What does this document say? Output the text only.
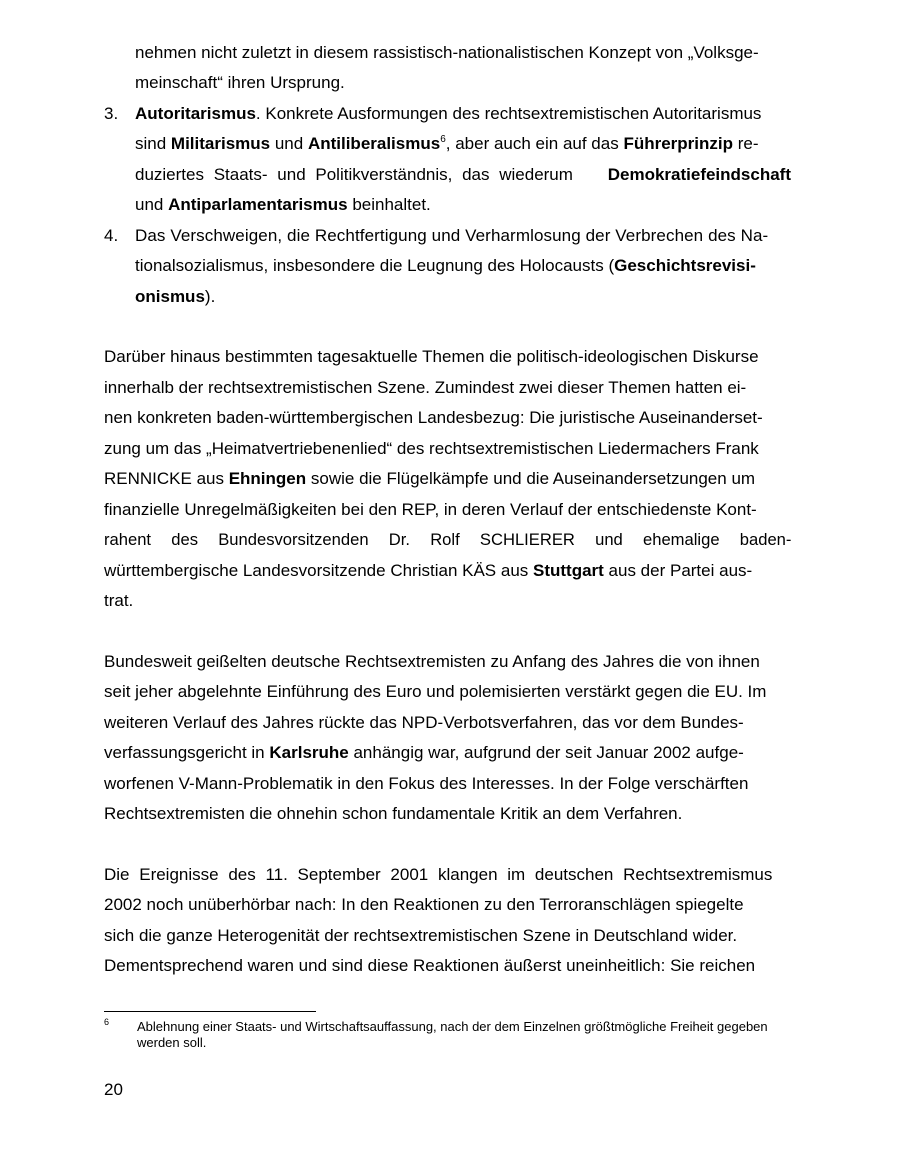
nehmen nicht zuletzt in diesem rassistisch-nationalistischen Konzept von „Volksge-
meinschaft“ ihren Ursprung.
3. Autoritarismus. Konkrete Ausformungen des rechtsextremistischen Autoritarismus
sind Militarismus und Antiliberalismus$^6$, aber auch ein auf das Führerprinzip re-
duziertes Staats- und Politikverständnis, das wiederum Demokratiefeindschaft
und Antiparlamentarismus beinhaltet.
4. Das Verschweigen, die Rechtfertigung und Verharmlosung der Verbrechen des Na-
tionalsozialismus, insbesondere die Leugnung des Holocausts (Geschichtsrevisi-
onismus).
Darüber hinaus bestimmten tagesaktuelle Themen die politisch-ideologischen Diskurse
innerhalb der rechtsextremistischen Szene. Zumindest zwei dieser Themen hatten ei-
nen konkreten baden-württembergischen Landesbezug: Die juristische Auseinanderset-
zung um das „Heimatvertriebenenlied“ des rechtsextremistischen Liedermachers Frank
RENNICKE aus Ehningen sowie die Flügelkämpfe und die Auseinandersetzungen um
finanzielle Unregelmäßigkeiten bei den REP, in deren Verlauf der entschiedenste Kont-
rahent des Bundesvorsitzenden Dr. Rolf SCHLIERER und ehemalige baden-
württembergische Landesvorsitzende Christian KÄS aus Stuttgart aus der Partei aus-
trat.
Bundesweit geißelten deutsche Rechtsextremisten zu Anfang des Jahres die von ihnen
seit jeher abgelehnte Einführung des Euro und polemisierten verstärkt gegen die EU. Im
weiteren Verlauf des Jahres rückte das NPD-Verbotsverfahren, das vor dem Bundes-
verfassungsgericht in Karlsruhe anhängig war, aufgrund der seit Januar 2002 aufge-
worfenen V-Mann-Problematik in den Fokus des Interesses. In der Folge verschärften
Rechtsextremisten die ohnehin schon fundamentale Kritik an dem Verfahren.
Die Ereignisse des 11. September 2001 klangen im deutschen Rechtsextremismus
2002 noch unüberhörbar nach: In den Reaktionen zu den Terroranschlägen spiegelte
sich die ganze Heterogenität der rechtsextremistischen Szene in Deutschland wider.
Dementsprechend waren und sind diese Reaktionen äußerst uneinheitlich: Sie reichen
6 Ablehnung einer Staats- und Wirtschaftsauffassung, nach der dem Einzelnen größtmögliche Freiheit gegeben
werden soll.
20
